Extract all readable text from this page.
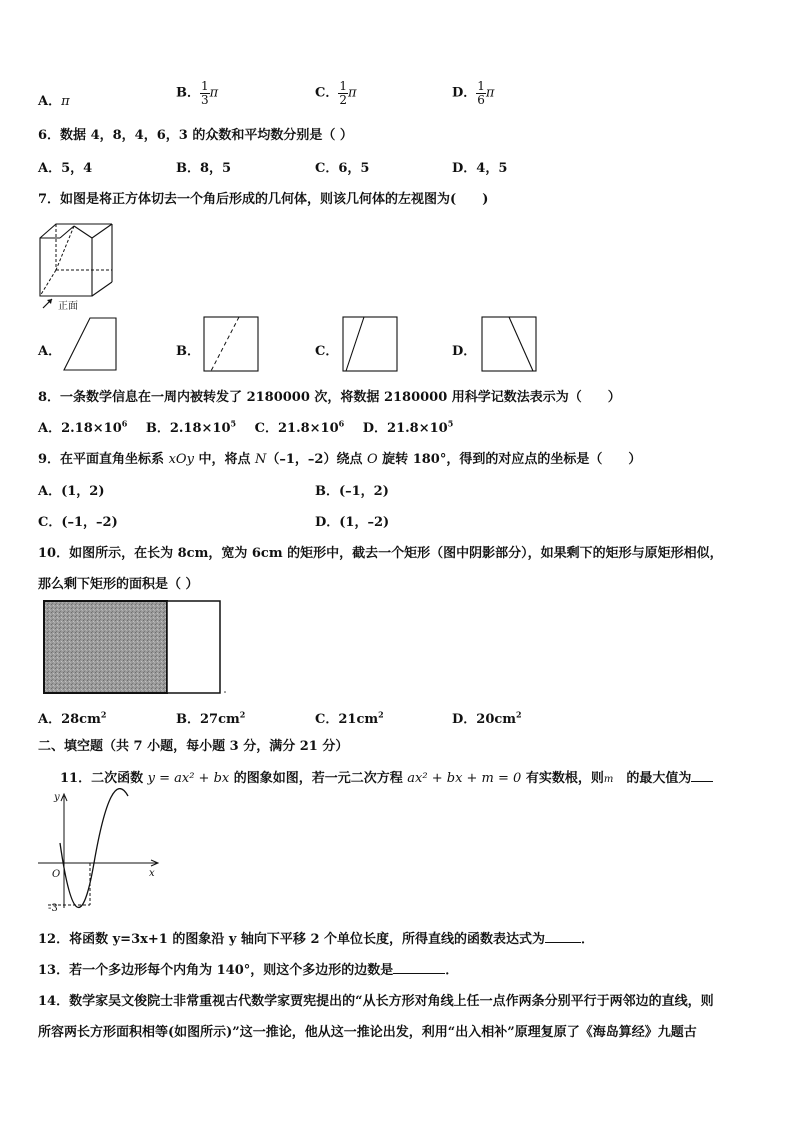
A．π
B． $\frac{1}{3}$ π	C． $\frac{1}{2}$ π	D． $\frac{1}{6}$ π
6．数据 4，8，4，6，3 的众数和平均数分别是（ ）
A．5，4	B．8，5	C．6，5	D．4，5
7．如图是将正方体切去一个角后形成的几何体，则该几何体的左视图为(　　)
正面
A．	B．	C．	D．
8．一条数学信息在一周内被转发了 2180000 次，将数据 2180000 用科学记数法表示为（　　）
A．$2.18\times 10^6$ B．$2.18\times 10^5$ C．$21.8\times 10^6$ D．$21.8\times 10^5$
9．在平面直角坐标系 xOy 中，将点 N（–1，–2）绕点 O 旋转 180°，得到的对应点的坐标是（　　）
A．(1，2)	B．(–1，2)
C．(–1，–2)	D．(1，–2)
10．如图所示，在长为 8cm，宽为 6cm 的矩形中，截去一个矩形（图中阴影部分），如果剩下的矩形与原矩形相似，
那么剩下矩形的面积是（ ）
A．$28cm^2$	B．$27cm^2$	C．$21cm^2$	D．$20cm^2$
二、填空题（共 7 小题，每小题 3 分，满分 21 分）
11．二次函数 y = ax² + bx 的图象如图，若一元二次方程 ax² + bx + m = 0 有实数根，则m　的最大值为
y
x
O
-3
12．将函数 y=3x+1 的图象沿 y 轴向下平移 2 个单位长度，所得直线的函数表达式为	．
13．若一个多边形每个内角为 140°，则这个多边形的边数是	．
14．数学家吴文俊院士非常重视古代数学家贾宪提出的“从长方形对角线上任一点作两条分别平行于两邻边的直线，则
所容两长方形面积相等(如图所示)”这一推论，他从这一推论出发，利用“出入相补”原理复原了《海岛算经》九题古
